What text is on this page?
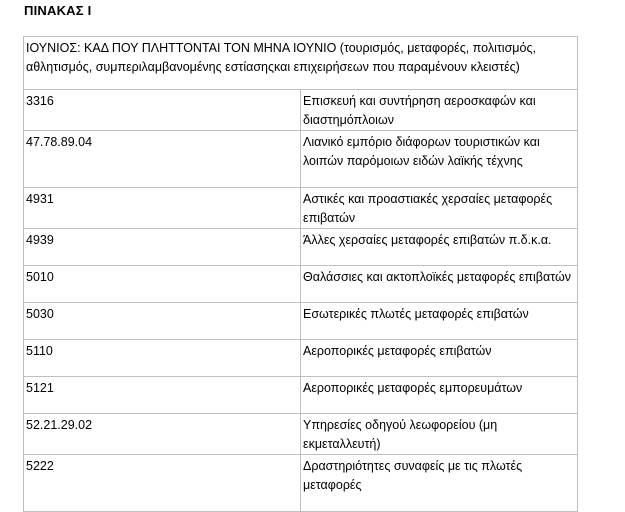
ΠΙΝΑΚΑΣ Ι
ΙΟΥΝΙΟΣ: ΚΑΔ ΠΟΥ ΠΛΗΤΤΟΝΤΑΙ ΤΟΝ ΜΗΝΑ ΙΟΥΝΙΟ (τουρισμός, μεταφορές, πολιτισμός, αθλητισμός, συμπεριλαμβανομένης εστίασηςκαι επιχειρήσεων που παραμένουν κλειστές)	
3316	Επισκευή και συντήρηση αεροσκαφών και διαστημόπλοιων
47.78.89.04	Λιανικό εμπόριο διάφορων τουριστικών και λοιπών παρόμοιων ειδών λαϊκής τέχνης
4931	Αστικές και προαστιακές χερσαίες μεταφορές επιβατών
4939	Άλλες χερσαίες μεταφορές επιβατών π.δ.κ.α.
5010	Θαλάσσιες και ακτοπλοϊκές μεταφορές επιβατών
5030	Εσωτερικές πλωτές μεταφορές επιβατών
5110	Αεροπορικές μεταφορές επιβατών
5121	Αεροπορικές μεταφορές εμπορευμάτων
52.21.29.02	Υπηρεσίες οδηγού λεωφορείου (μη εκμεταλλευτή)
5222	Δραστηριότητες συναφείς με τις πλωτές μεταφορές
